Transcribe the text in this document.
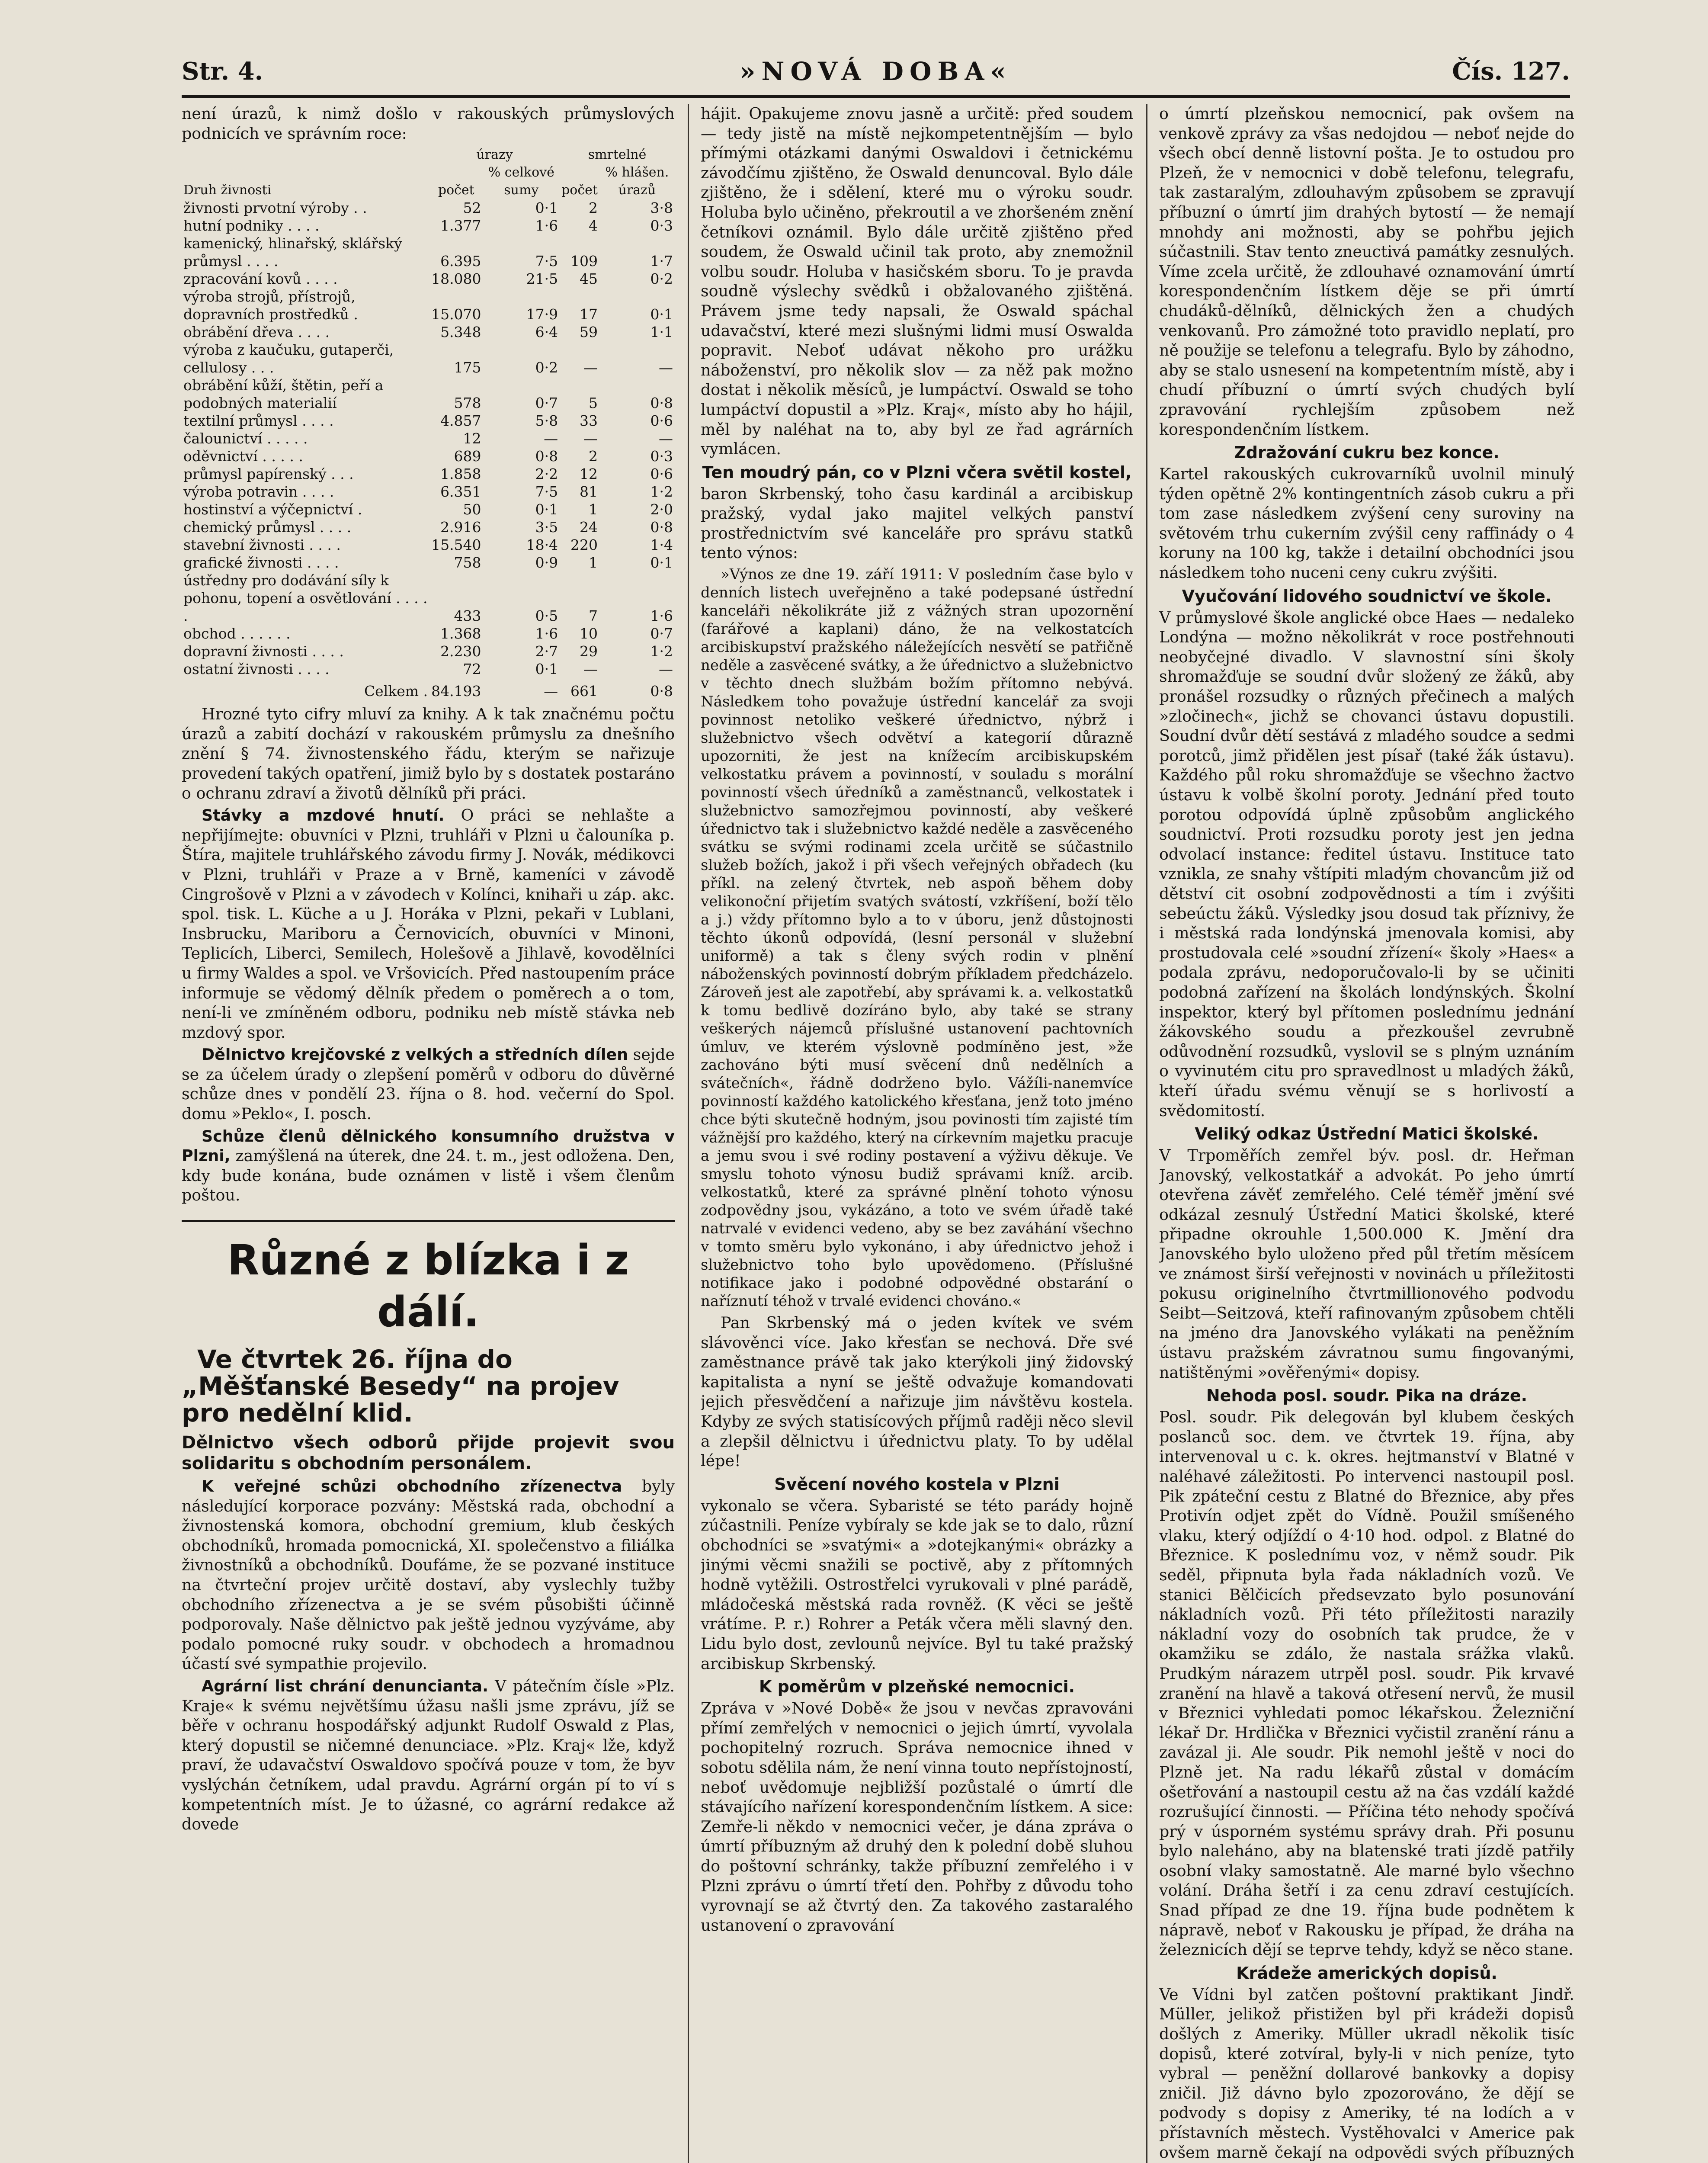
Str. 4.	»NOVÁ DOBA«	Čís. 127.

není úrazů, k nimž došlo v rakouských průmyslových podnicích ve správním roce:

	úrazy		smrtelné	
Druh živnosti	počet	% celkové sumy	počet	% hlášen. úrazů
živnosti prvotní výroby . .	52	0·1	2	3·8
hutní podniky . . . .	1.377	1·6	4	0·3
kamenický, hlinařský, sklářský průmysl . . . .	6.395	7·5	109	1·7
zpracování kovů . . . .	18.080	21·5	45	0·2
výroba strojů, přístrojů, dopravních prostředků .	15.070	17·9	17	0·1
obrábění dřeva . . . .	5.348	6·4	59	1·1
výroba z kaučuku, gutaperči, cellulosy . . .	175	0·2	—	—
obrábění kůží, štětin, peří a podobných materialií	578	0·7	5	0·8
textilní průmysl . . . .	4.857	5·8	33	0·6
čalounictví . . . . .	12	—	—	—
oděvnictví . . . . .	689	0·8	2	0·3
průmysl papírenský . . .	1.858	2·2	12	0·6
výroba potravin . . . .	6.351	7·5	81	1·2
hostinství a výčepnictví .	50	0·1	1	2·0
chemický průmysl . . . .	2.916	3·5	24	0·8
stavební živnosti . . . .	15.540	18·4	220	1·4
grafické živnosti . . . .	758	0·9	1	0·1
ústředny pro dodávání síly k pohonu, topení a osvětlování . . . . .	433	0·5	7	1·6
obchod . . . . . .	1.368	1·6	10	0·7
dopravní živnosti . . . .	2.230	2·7	29	1·2
ostatní živnosti . . . .	72	0·1	—	—
Celkem .	84.193	—	661	0·8

Hrozné tyto cifry mluví za knihy. A k tak značnému počtu úrazů a zabití dochází v rakouském průmyslu za dnešního znění § 74. živnostenského řádu, kterým se nařizuje provedení takých opatření, jimiž bylo by s dostatek postaráno o ochranu zdraví a životů dělníků při práci.

Stávky a mzdové hnutí. O práci se nehlašte a nepřijímejte: obuvníci v Plzni, truhláři v Plzni u čalouníka p. Štíra, majitele truhlářského závodu firmy J. Novák, médikovci v Plzni, truhláři v Praze a v Brně, kameníci v závodě Cingrošově v Plzni a v závodech v Kolínci, knihaři u záp. akc. spol. tisk. L. Küche a u J. Horáka v Plzni, pekaři v Lublani, Insbrucku, Mariboru a Černovicích, obuvníci v Minoni, Teplicích, Liberci, Semilech, Holešově a Jihlavě, kovodělníci u firmy Waldes a spol. ve Vršovicích. Před nastoupením práce informuje se vědomý dělník předem o poměrech a o tom, není-li ve zmíněném odboru, podniku neb místě stávka neb mzdový spor.

Dělnictvo krejčovské z velkých a středních dílen sejde se za účelem úrady o zlepšení poměrů v odboru do důvěrné schůze dnes v pondělí 23. října o 8. hod. večerní do Spol. domu »Peklo«, I. posch.

Schůze členů dělnického konsumního družstva v Plzni, zamýšlená na úterek, dne 24. t. m., jest odložena. Den, kdy bude konána, bude oznámen v listě i všem členům poštou.

Různé z blízka i z dálí.
Ve čtvrtek 26. října do „Měšťanské Besedy“ na projev pro nedělní klid.

Dělnictvo všech odborů přijde projevit svou solidaritu s obchodním personálem.

K veřejné schůzi obchodního zřízenectva byly následující korporace pozvány: Městská rada, obchodní a živnostenská komora, obchodní gremium, klub českých obchodníků, hromada pomocnická, XI. společenstvo a filiálka živnostníků a obchodníků. Doufáme, že se pozvané instituce na čtvrteční projev určitě dostaví, aby vyslechly tužby obchodního zřízenectva a je se svém působišti účinně podporovaly. Naše dělnictvo pak ještě jednou vyzýváme, aby podalo pomocné ruky soudr. v obchodech a hromadnou účastí své sympathie projevilo.

Agrární list chrání denunciantа. V pátečním čísle »Plz. Kraje« k svému největšímu úžasu našli jsme zprávu, jíž se běře v ochranu hospodářský adjunkt Rudolf Oswald z Plas, který dopustil se ničemné denunciace. »Plz. Kraj« lže, když praví, že udavačství Oswaldovo spočívá pouze v tom, že byv vyslýchán četníkem, udal pravdu. Agrární orgán pí to ví s kompetentních míst. Je to úžasné, co agrární redakce až dovede

hájit. Opakujeme znovu jasně a určitě: před soudem — tedy jistě na místě nejkompetentnějším — bylo přímými otázkami danými Oswaldovi i četnickému závodčímu zjištěno, že Oswald denuncoval. Bylo dále zjištěno, že i sdělení, které mu o výroku soudr. Holuba bylo učiněno, překroutil a ve zhoršeném znění četníkovi oznámil. Bylo dále určitě zjištěno před soudem, že Oswald učinil tak proto, aby znemožnil volbu soudr. Holuba v hasičském sboru. To je pravda soudně výslechy svědků i obžalovaného zjištěná. Právem jsme tedy napsali, že Oswald spáchal udavačství, které mezi slušnými lidmi musí Oswalda popravit. Neboť udávat někoho pro urážku náboženství, pro několik slov — za něž pak možno dostat i několik měsíců, je lumpáctví. Oswald se toho lumpáctví dopustil a »Plz. Kraj«, místo aby ho hájil, měl by naléhat na to, aby byl ze řad agrárních vymlácen.

Ten moudrý pán, co v Plzni včera světil kostel,

baron Skrbenský, toho času kardinál a arcibiskup pražský, vydal jako majitel velkých panství prostřednictvím své kanceláře pro správu statků tento výnos:

»Výnos ze dne 19. září 1911: V posledním čase bylo v denních listech uveřejněno a také podepsané ústřední kanceláři několikráte již z vážných stran upozornění (farářové a kaplani) dáno, že na velkostatcích arcibiskupství pražského náležejících nesvětí se patřičně neděle a zasvěcené svátky, a že úřednictvo a služebnictvo v těchto dnech službám božím přítomno nebývá. Následkem toho považuje ústřední kancelář za svoji povinnost netoliko veškeré úřednictvo, nýbrž i služebnictvo všech odvětví a kategorií důrazně upozorniti, že jest na knížecím arcibiskupském velkostatku právem a povinností, v souladu s morální povinností všech úředníků a zaměstnanců, velkostatek i služebnictvo samozřejmou povinností, aby veškeré úřednictvo tak i služebnictvo každé neděle a zasvěceného svátku se svými rodinami zcela určitě se súčastnilo služeb božích, jakož i při všech veřejných obřadech (ku příkl. na zelený čtvrtek, neb aspoň během doby velikonoční přijetím svatých svátostí, vzkříšení, boží tělo a j.) vždy přítomno bylo a to v úboru, jenž důstojnosti těchto úkonů odpovídá, (lesní personál v služební uniformě) a tak s členy svých rodin v plnění náboženských povinností dobrým příkladem předcházelo. Zároveň jest ale zapotřebí, aby správami k. a. velkostatků k tomu bedlivě dozíráno bylo, aby také se strany veškerých nájemců příslušné ustanovení pachtovních úmluv, ve kterém výslovně podmíněno jest, »že zachováno býti musí svěcení dnů nedělních a svátečních«, řádně dodrženo bylo. Vážíli-nanemvíce povinností každého katolického křesťana, jenž toto jméno chce býti skutečně hodným, jsou povinosti tím zajisté tím vážnější pro každého, který na církevním majetku pracuje a jemu svou i své rodiny postavení a výživu děkuje. Ve smyslu tohoto výnosu budiž správami kníž. arcib. velkostatků, které za správné plnění tohoto výnosu zodpovědny jsou, vykázáno, a toto ve svém úřadě také natrvalé v evidenci vedeno, aby se bez zaváhání všechno v tomto směru bylo vykonáno, i aby úřednictvo jehož i služebnictvo toho bylo upovědomeno. (Příslušné notifikace jako i podobné odpovědné obstarání o naříznutí téhož v trvalé evidenci chováno.«

Pan Skrbenský má o jeden kvítek ve svém slávověnci více. Jako křesťan se nechová. Dře své zaměstnance právě tak jako kterýkoli jiný židovský kapitalista a nyní se ještě odvažuje komandovati jejich přesvědčení a nařizuje jim návštěvu kostela. Kdyby ze svých statisícových příjmů raději něco slevil a zlepšil dělnictvu i úřednictvu platy. To by udělal lépe!

Svěcení nového kostela v Plzni

vykonalo se včera. Sybaristé se této parády hojně zúčastnili. Peníze vybíraly se kde jak se to dalo, různí obchodníci se »svatými« a »dotejkanými« obrázky a jinými věcmi snažili se poctivě, aby z přítomných hodně vytěžili. Ostrostřelci vyrukovali v plné parádě, mládočeská městská rada rovněž. (K věci se ještě vrátíme. P. r.) Rohrer a Peták včera měli slavný den. Lidu bylo dost, zevlounů nejvíce. Byl tu také pražský arcibiskup Skrbenský.

K poměrům v plzeňské nemocnici.

Zpráva v »Nové Době« že jsou v nevčas zpravováni přímí zemřelých v nemocnici o jejich úmrtí, vyvolala pochopitelný rozruch. Správa nemocnice ihned v sobotu sdělila nám, že není vinna touto nepřístojností, neboť uvědomuje nejbližší pozůstalé o úmrtí dle stávajícího nařízení korespondenčním lístkem. A sice: Zemře-li někdo v nemocnici večer, je dána zpráva o úmrtí příbuzným až druhý den k polední době sluhou do poštovní schránky, takže příbuzní zemřelého i v Plzni zprávu o úmrtí třetí den. Pohřby z důvodu toho vyrovnají se až čtvrtý den. Za takového zastaralého ustanovení o zpravování

o úmrtí plzeňskou nemocnicí, pak ovšem na venkově zprávy za všas nedojdou — neboť nejde do všech obcí denně listovní pošta. Je to ostudou pro Plzeň, že v nemocnici v době telefonu, telegrafu, tak zastaralým, zdlouhavým způsobem se zpravují příbuzní o úmrtí jim drahých bytostí — že nemají mnohdy ani možnosti, aby se pohřbu jejich súčastnili. Stav tento zneuctivá památky zesnulých. Víme zcela určitě, že zdlouhavé oznamování úmrtí korespondenčním lístkem děje se při úmrtí chudáků-dělníků, dělnických žen a chudých venkovanů. Pro zámožné toto pravidlo neplatí, pro ně použije se telefonu a telegrafu. Bylo by záhodno, aby se stalo usnesení na kompetentním místě, aby i chudí příbuzní o úmrtí svých chudých bylí zpravování rychlejším způsobem než korespondenčním lístkem.

Zdražování cukru bez konce.

Kartel rakouských cukrovarníků uvolnil minulý týden opětně 2% kontingentních zásob cukru a při tom zase následkem zvýšení ceny suroviny na světovém trhu cukerním zvýšil ceny raffinády o 4 koruny na 100 kg, takže i detailní obchodníci jsou následkem toho nuceni ceny cukru zvýšiti.

Vyučování lidového soudnictví ve škole.

V průmyslové škole anglické obce Haes — nedaleko Londýna — možno několikrát v roce postřehnouti neobyčejné divadlo. V slavnostní síni školy shromažďuje se soudní dvůr složený ze žáků, aby pronášel rozsudky o různých přečinech a malých »zločinech«, jichž se chovanci ústavu dopustili. Soudní dvůr dětí sestává z mladého soudce a sedmi porotců, jimž přidělen jest písař (také žák ústavu). Každého půl roku shromažďuje se všechno žactvo ústavu k volbě školní poroty. Jednání před touto porotou odpovídá úplně způsobům anglického soudnictví. Proti rozsudku poroty jest jen jedna odvolací instance: ředitel ústavu. Instituce tato vznikla, ze snahy vštípiti mladým chovancům již od dětství cit osobní zodpovědnosti a tím i zvýšiti sebeúctu žáků. Výsledky jsou dosud tak příznivy, že i městská rada londýnská jmenovala komisi, aby prostudovala celé »soudní zřízení« školy »Haes« a podala zprávu, nedoporučovalo-li by se učiniti podobná zařízení na školách londýnských. Školní inspektor, který byl přítomen poslednímu jednání žákovského soudu a přezkoušel zevrubně odůvodnění rozsudků, vyslovil se s plným uznáním o vyvinutém citu pro spravedlnost u mladých žáků, kteří úřadu svému věnují se s horlivostí a svědomitostí.

Veliký odkaz Ústřední Matici školské.

V Trpoměřích zemřel býv. posl. dr. Heřman Janovský, velkostatkář a advokát. Po jeho úmrtí otevřena závěť zemřelého. Celé téměř jmění své odkázal zesnulý Ústřední Matici školské, které připadne okrouhle 1,500.000 K. Jmění dra Janovského bylo uloženo před půl třetím měsícem ve známost širší veřejnosti v novinách u příležitosti pokusu originelního čtvrtmillionového podvodu Seibt—Seitzová, kteří rafinovaným způsobem chtěli na jméno dra Janovského vylákati na peněžním ústavu pražském závratnou sumu fingovanými, natištěnými »ověřenými« dopisy.

Nehoda posl. soudr. Pika na dráze.

Posl. soudr. Pik delegován byl klubem českých poslanců soc. dem. ve čtvrtek 19. října, aby intervenoval u c. k. okres. hejtmanství v Blatné v naléhavé záležitosti. Po intervenci nastoupil posl. Pik zpáteční cestu z Blatné do Březnice, aby přes Protivín odjet zpět do Vídně. Použil smíšeného vlaku, který odjíždí o 4·10 hod. odpol. z Blatné do Březnice. K poslednímu voz, v němž soudr. Pik seděl, připnuta byla řada nákladních vozů. Ve stanici Bělčicích předsevzato bylo posunování nákladních vozů. Při této příležitosti narazily nákladní vozy do osobních tak prudce, že v okamžiku se zdálo, že nastala srážka vlaků. Prudkým nárazem utrpěl posl. soudr. Pik krvavé zranění na hlavě a taková otřesení nervů, že musil v Březnici vyhledati pomoc lékařskou. Železniční lékař Dr. Hrdlička v Březnici vyčistil zranění ránu a zavázal ji. Ale soudr. Pik nemohl ještě v noci do Plzně jet. Na radu lékařů zůstal v domácím ošetřování a nastoupil cestu až na čas vzdálí každé rozrušující činnosti. — Příčina této nehody spočívá prý v úsporném systému správy drah. Při posunu bylo naleháno, aby na blatenské trati jízdě patřily osobní vlaky samostatně. Ale marné bylo všechno volání. Dráha šetří i za cenu zdraví cestujících. Snad případ ze dne 19. října bude podnětem k nápravě, neboť v Rakousku je případ, že dráha na železnicích dějí se teprve tehdy, když se něco stane.

Krádeže amerických dopisů.

Ve Vídni byl zatčen poštovní praktikant Jindř. Müller, jelikož přistižen byl při krádeži dopisů došlých z Ameriky. Müller ukradl několik tisíc dopisů, které zotvíral, byly-li v nich peníze, tyto vybral — peněžní dollarové bankovky a dopisy zničil. Již dávno bylo zpozorováno, že dějí se podvody s dopisy z Ameriky, té na lodích a v přístavních městech. Vystěhovalci v Americe pak ovšem marně čekají na odpovědi svých příbuzných
